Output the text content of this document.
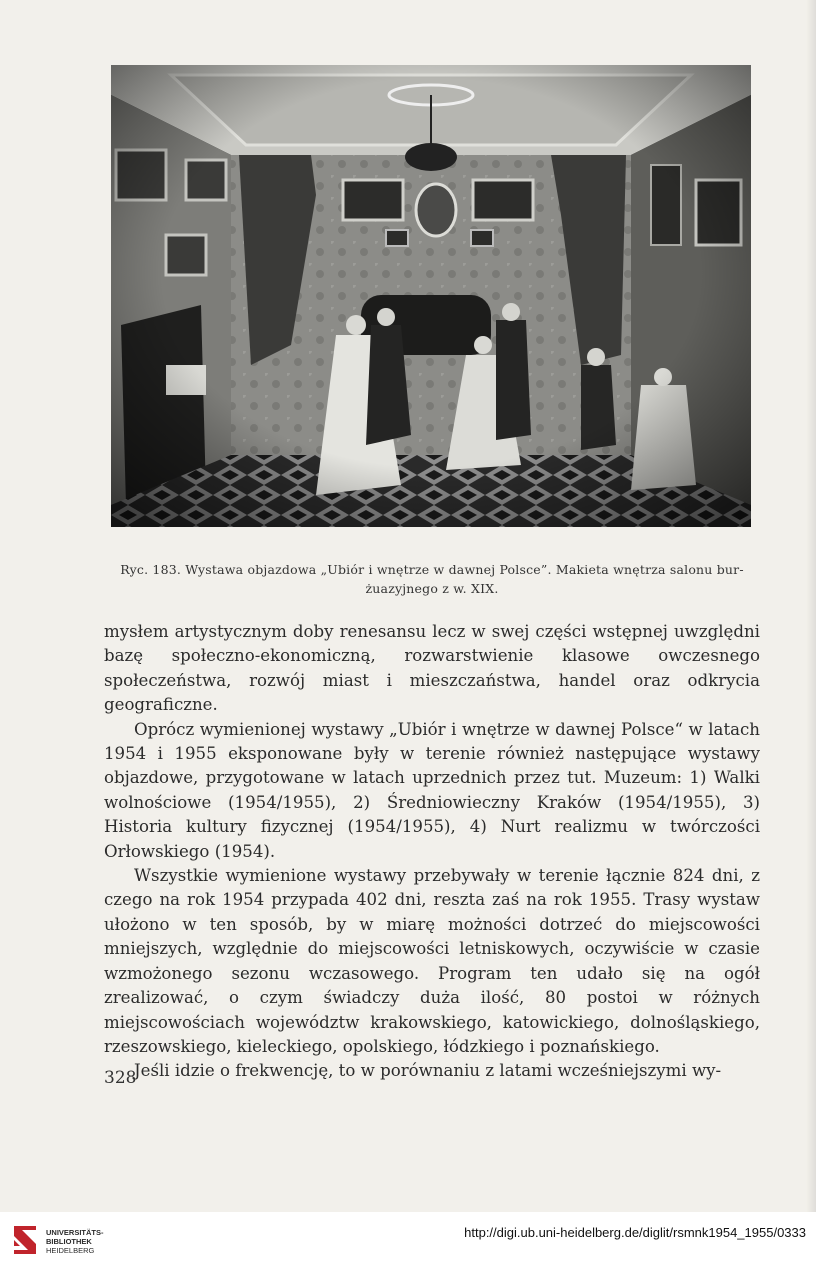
Ryc. 183. Wystawa objazdowa „Ubiór i wnętrze w dawnej Polsce”. Makieta wnętrza salonu bur-
żuazyjnego z w. XIX.

mysłem artystycznym doby renesansu lecz w swej części wstępnej uwzględni bazę społeczno-ekonomiczną, rozwarstwienie klasowe owczesnego społeczeństwa, rozwój miast i mieszczaństwa, handel oraz odkrycia geograficzne.

Oprócz wymienionej wystawy „Ubiór i wnętrze w dawnej Polsce“ w latach 1954 i 1955 eksponowane były w terenie również następujące wystawy objazdowe, przygotowane w latach uprzednich przez tut. Muzeum: 1) Walki wolnościowe (1954/1955), 2) Średniowieczny Kraków (1954/1955), 3) Historia kultury fizycznej (1954/1955), 4) Nurt realizmu w twórczości Orłowskiego (1954).

Wszystkie wymienione wystawy przebywały w terenie łącznie 824 dni, z czego na rok 1954 przypada 402 dni, reszta zaś na rok 1955. Trasy wystaw ułożono w ten sposób, by w miarę możności dotrzeć do miejscowości mniejszych, względnie do miejscowości letniskowych, oczywiście w czasie wzmożonego sezonu wczasowego. Program ten udało się na ogół zrealizować, o czym świadczy duża ilość, 80 postoi w różnych miejscowościach województw krakowskiego, katowickiego, dolnośląskiego, rzeszowskiego, kieleckiego, opolskiego, łódzkiego i poznańskiego.

Jeśli idzie o frekwencję, to w porównaniu z latami wcześniejszymi wy-

328
UNIVERSITÄTS-
BIBLIOTHEK
HEIDELBERG
http://digi.ub.uni-heidelberg.de/diglit/rsmnk1954_1955/0333
